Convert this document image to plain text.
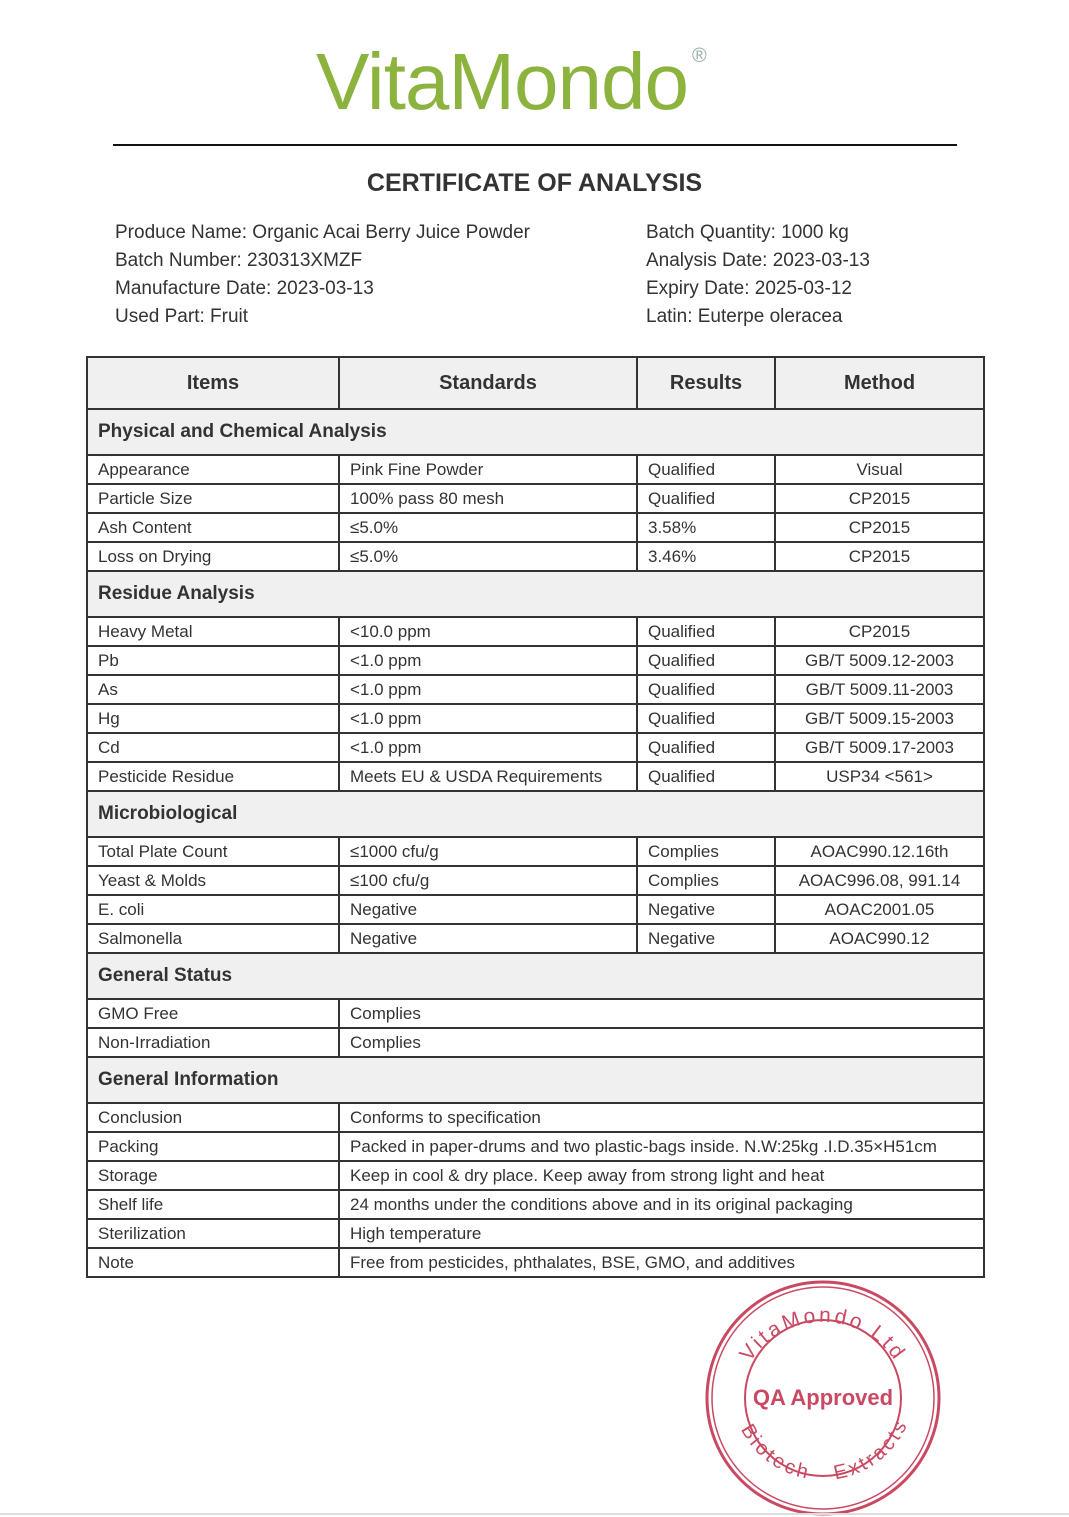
VitaMondo ®
CERTIFICATE OF ANALYSIS
Produce Name: Organic Acai Berry Juice Powder
Batch Number: 230313XMZF
Manufacture Date: 2023-03-13
Used Part: Fruit
Batch Quantity: 1000 kg
Analysis Date: 2023-03-13
Expiry Date: 2025-03-12
Latin: Euterpe oleracea
Items	Standards	Results	Method
Physical and Chemical Analysis			
Appearance	Pink Fine Powder	Qualified	Visual
Particle Size	100% pass 80 mesh	Qualified	CP2015
Ash Content	≤5.0%	3.58%	CP2015
Loss on Drying	≤5.0%	3.46%	CP2015
Residue Analysis			
Heavy Metal	<10.0 ppm	Qualified	CP2015
Pb	<1.0 ppm	Qualified	GB/T 5009.12-2003
As	<1.0 ppm	Qualified	GB/T 5009.11-2003
Hg	<1.0 ppm	Qualified	GB/T 5009.15-2003
Cd	<1.0 ppm	Qualified	GB/T 5009.17-2003
Pesticide Residue	Meets EU & USDA Requirements	Qualified	USP34 <561>
Microbiological			
Total Plate Count	≤1000 cfu/g	Complies	AOAC990.12.16th
Yeast & Molds	≤100 cfu/g	Complies	AOAC996.08, 991.14
E. coli	Negative	Negative	AOAC2001.05
Salmonella	Negative	Negative	AOAC990.12
General Status			
GMO Free	Complies		
Non-Irradiation	Complies		
General Information			
Conclusion	Conforms to specification		
Packing	Packed in paper-drums and two plastic-bags inside. N.W:25kg .I.D.35×H51cm		
Storage	Keep in cool & dry place. Keep away from strong light and heat		
Shelf life	24 months under the conditions above and in its original packaging		
Sterilization	High temperature		
Note	Free from pesticides, phthalates, BSE, GMO, and additives		
VitaMondo Ltd
Biotech Extracts
QA Approved
